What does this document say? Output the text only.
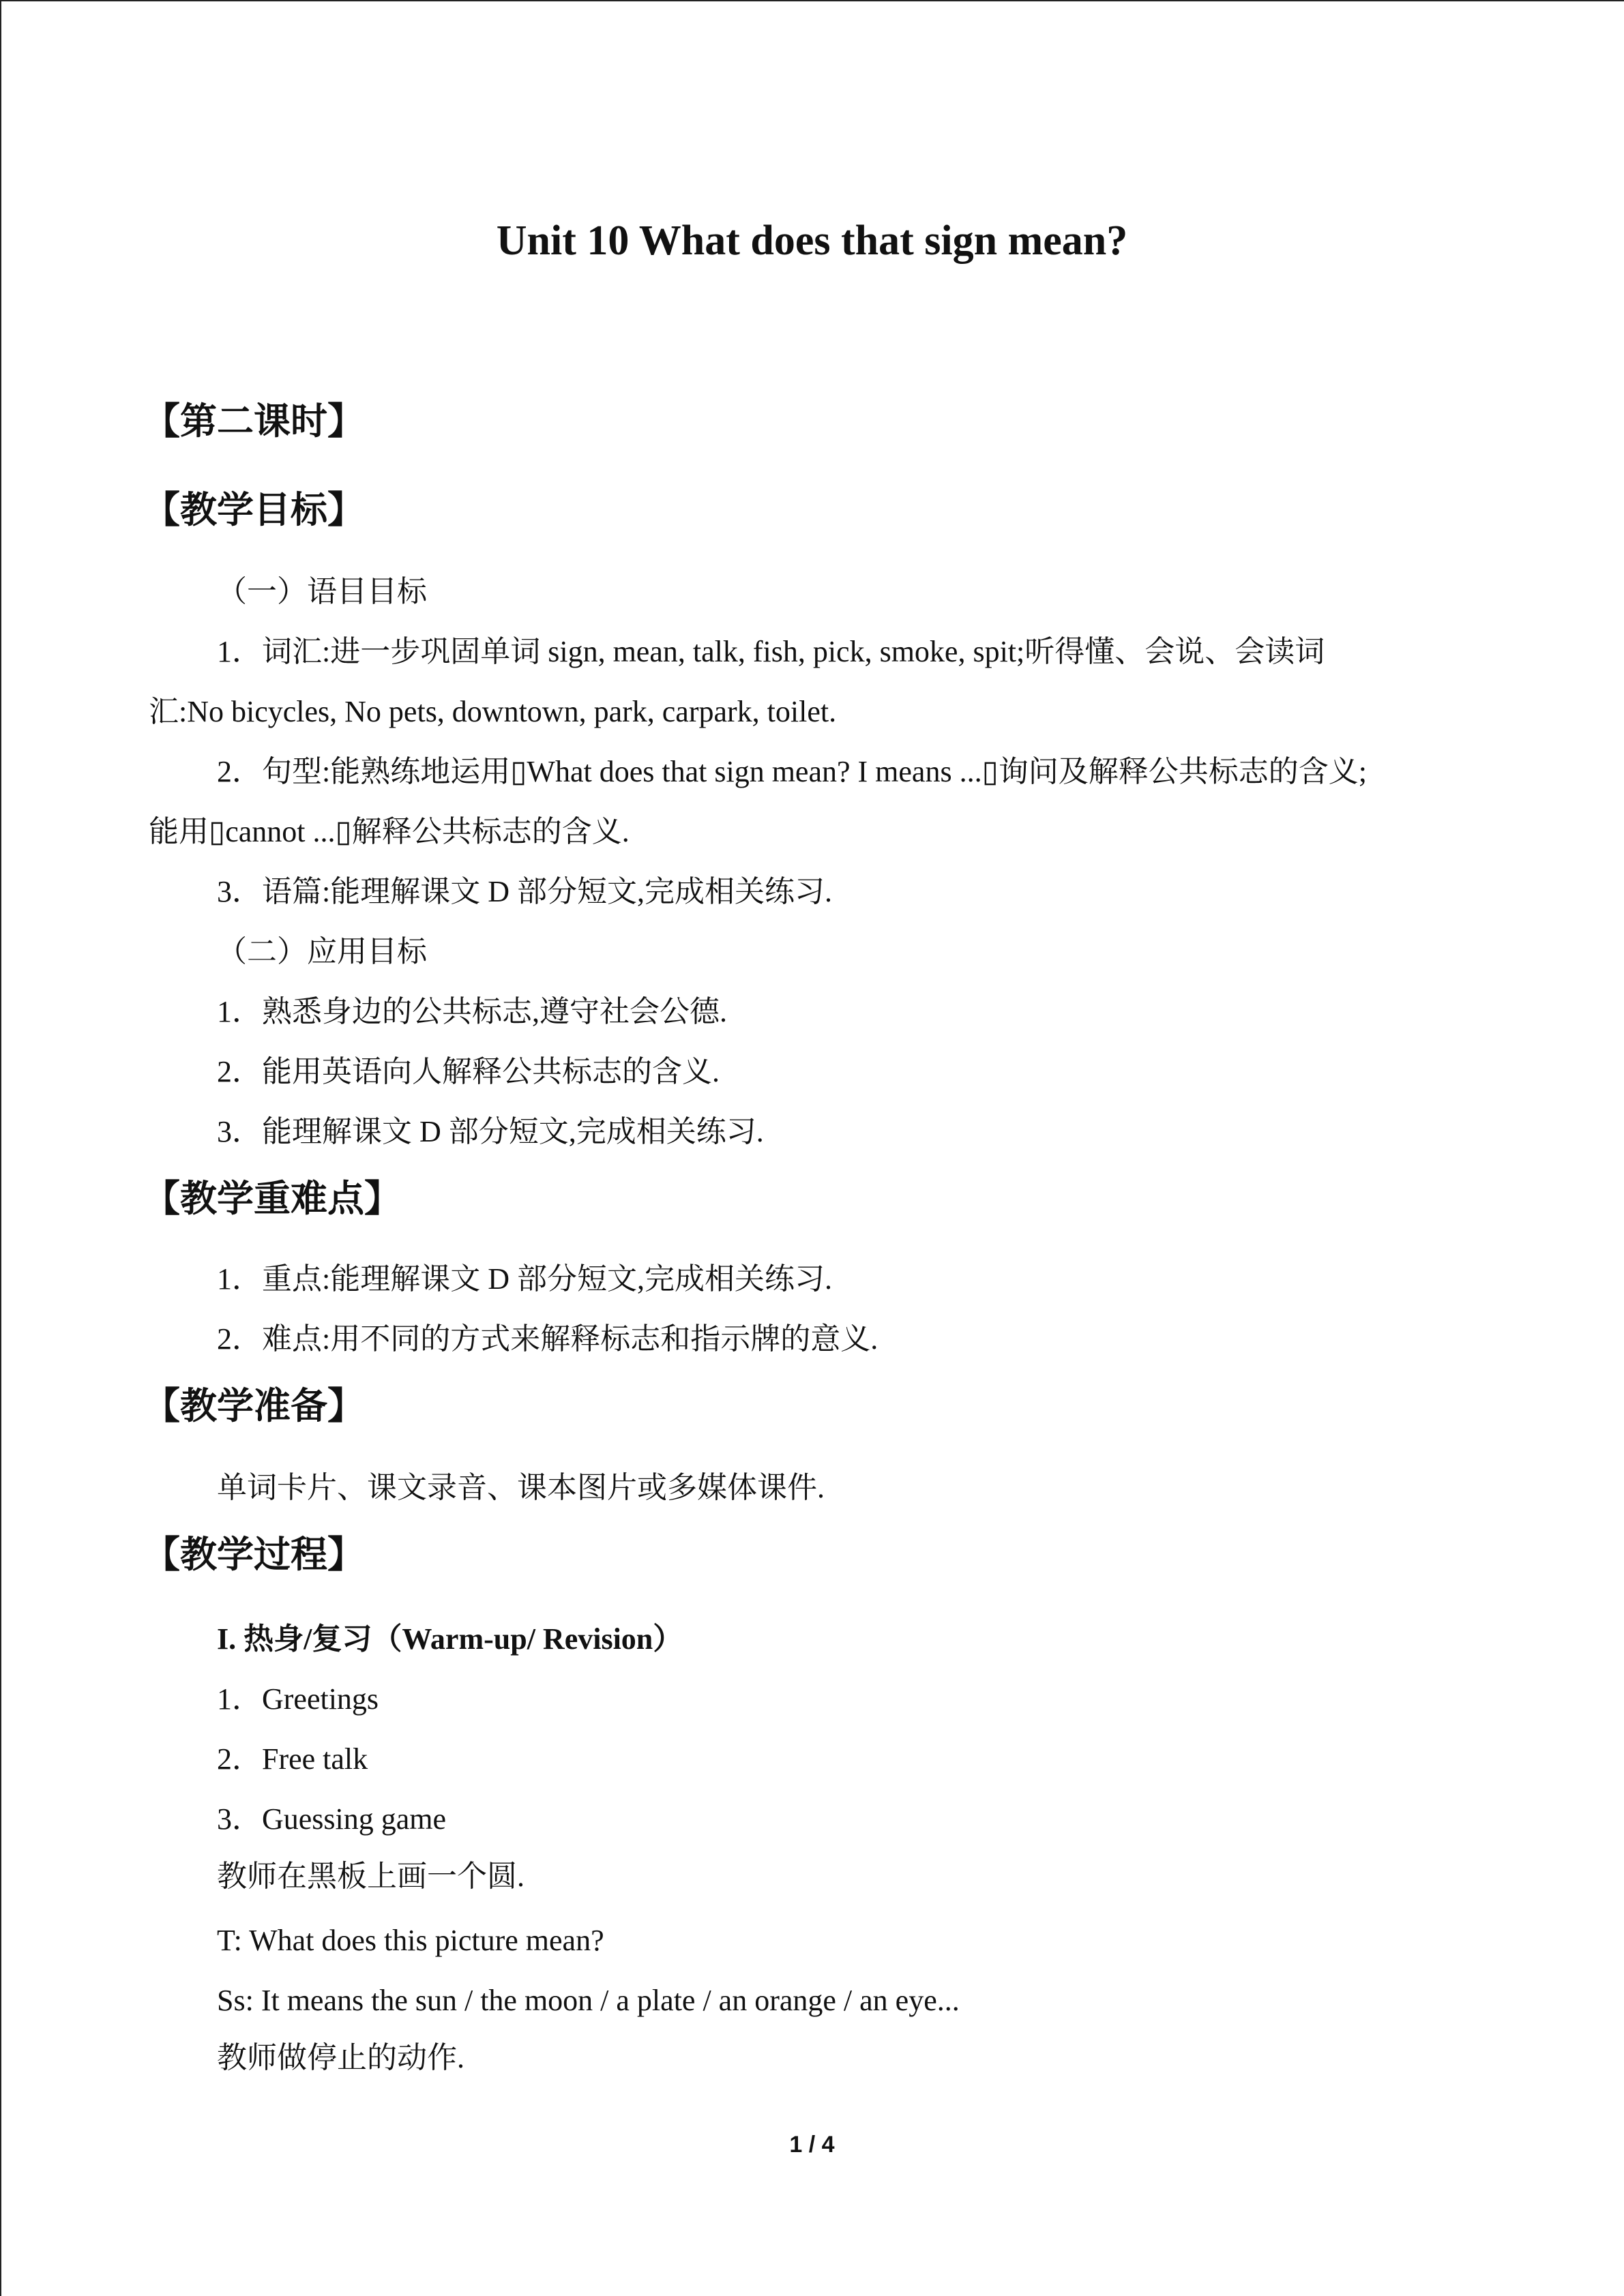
Unit 10 What does that sign mean?
【第二课时】
【教学目标】
（一）语目目标
1．词汇:进一步巩固单词 sign, mean, talk, fish, pick, smoke, spit;听得懂、会说、会读词
汇:No bicycles, No pets, downtown, park, carpark, toilet.
2．句型:能熟练地运用▯What does that sign mean? I means ...▯询问及解释公共标志的含义;
能用▯cannot ...▯解释公共标志的含义.
3．语篇:能理解课文 D 部分短文,完成相关练习.
（二）应用目标
1．熟悉身边的公共标志,遵守社会公德.
2．能用英语向人解释公共标志的含义.
3．能理解课文 D 部分短文,完成相关练习.
【教学重难点】
1．重点:能理解课文 D 部分短文,完成相关练习.
2．难点:用不同的方式来解释标志和指示牌的意义.
【教学准备】
单词卡片、课文录音、课本图片或多媒体课件.
【教学过程】
I. 热身/复习（Warm-up/ Revision）
1．Greetings
2．Free talk
3．Guessing game
教师在黑板上画一个圆.
T: What does this picture mean?
Ss: It means the sun / the moon / a plate / an orange / an eye...
教师做停止的动作.
1 / 4
